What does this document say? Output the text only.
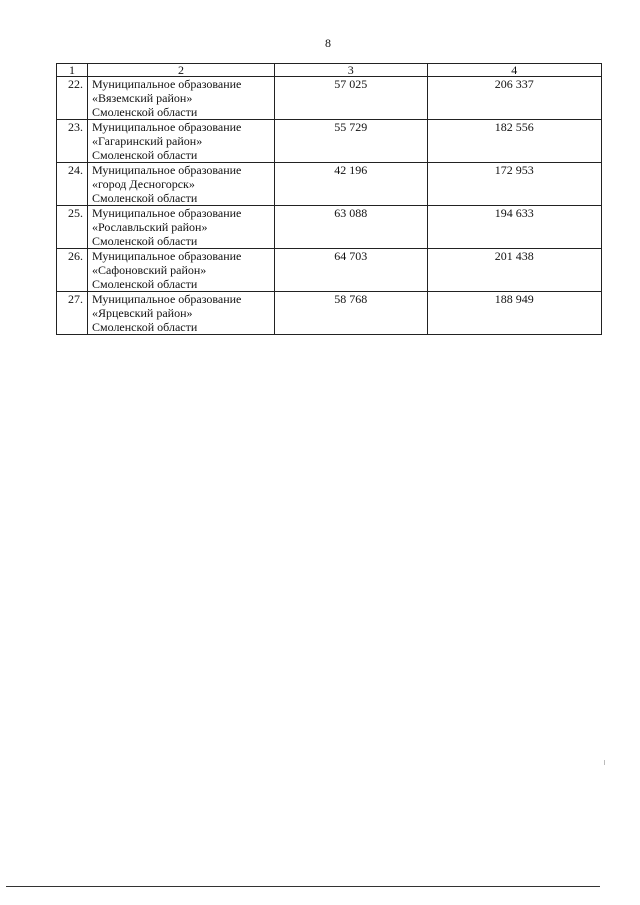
8
1	2	3	4
22.	Муниципальное образование
«Вяземский район»
Смоленской области	57 025	206 337
23.	Муниципальное образование
«Гагаринский район»
Смоленской области	55 729	182 556
24.	Муниципальное образование
«город Десногорск»
Смоленской области	42 196	172 953
25.	Муниципальное образование
«Рославльский район»
Смоленской области	63 088	194 633
26.	Муниципальное образование
«Сафоновский район»
Смоленской области	64 703	201 438
27.	Муниципальное образование
«Ярцевский район»
Смоленской области	58 768	188 949
